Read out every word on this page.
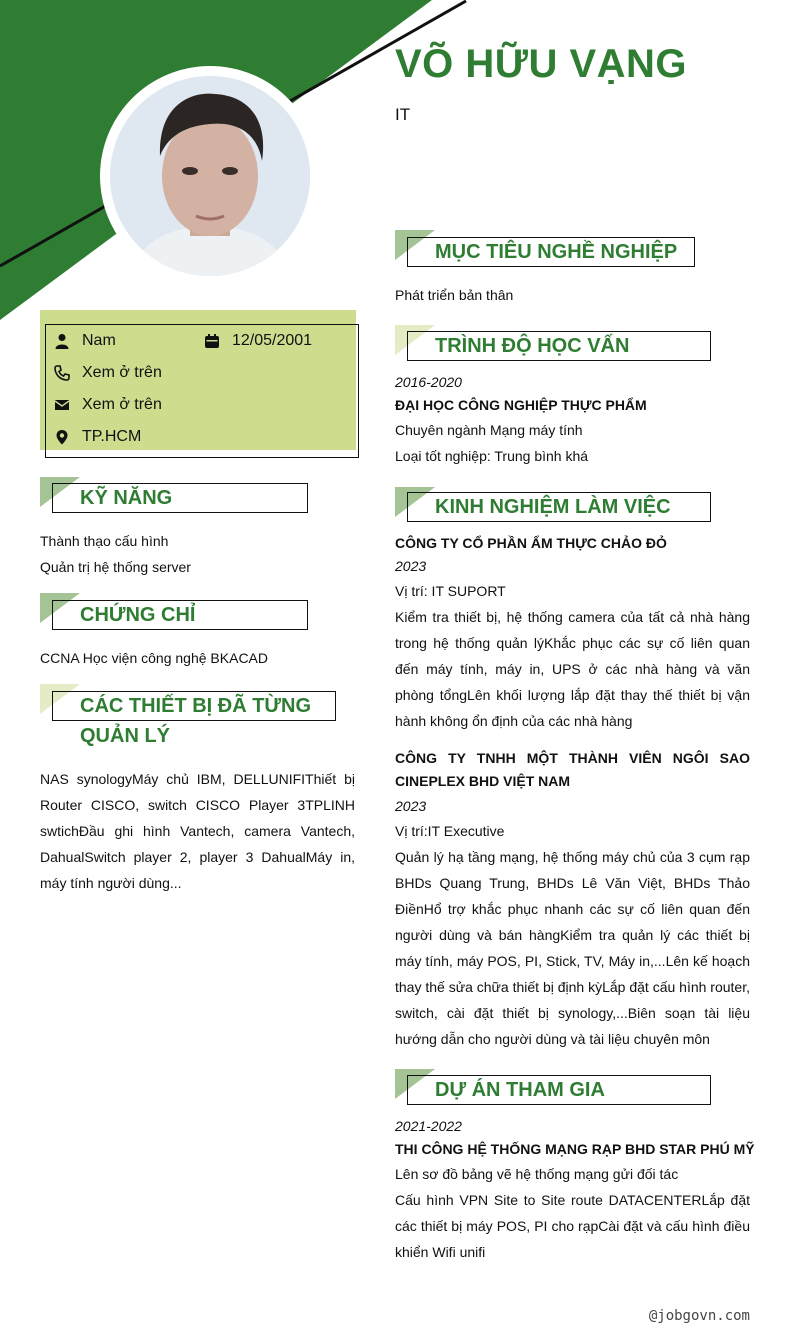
VÕ HỮU VẠNG
IT
Nam	12/05/2001
Xem ở trên
Xem ở trên
TP.HCM
KỸ NĂNG
Thành thạo cấu hình
Quản trị hệ thống server
CHỨNG CHỈ
CCNA Học viện công nghệ BKACAD
CÁC THIẾT BỊ ĐÃ TỪNG
QUẢN LÝ
NAS synologyMáy chủ IBM, DELLUNIFIThiết bị Router CISCO, switch CISCO Player 3TPLINH swtichĐầu ghi hình Vantech, camera Vantech, DahualSwitch player 2, player 3 DahualMáy in, máy tính người dùng...
MỤC TIÊU NGHỀ NGHIỆP
Phát triển bản thân
TRÌNH ĐỘ HỌC VẤN
2016-2020
ĐẠI HỌC CÔNG NGHIỆP THỰC PHẨM
Chuyên ngành Mạng máy tính
Loại tốt nghiệp: Trung bình khá
KINH NGHIỆM LÀM VIỆC
CÔNG TY CỔ PHẦN ẨM THỰC CHẢO ĐỎ
2023
Vị trí: IT SUPORT
Kiểm tra thiết bị, hệ thống camera của tất cả nhà hàng trong hệ thống quản lýKhắc phục các sự cố liên quan đến máy tính, máy in, UPS ở các nhà hàng và văn phòng tổngLên khối lượng lắp đặt thay thế thiết bị vận hành không ổn định của các nhà hàng
CÔNG TY TNHH MỘT THÀNH VIÊN NGÔI SAO CINEPLEX BHD VIỆT NAM
2023
Vị trí:IT Executive
Quản lý hạ tầng mạng, hệ thống máy chủ của 3 cụm rạp BHDs Quang Trung, BHDs Lê Văn Việt, BHDs Thảo ĐiềnHổ trợ khắc phục nhanh các sự cố liên quan đến người dùng và bán hàngKiểm tra quản lý các thiết bị máy tính, máy POS, PI, Stick, TV, Máy in,...Lên kế hoạch thay thế sửa chữa thiết bị định kỳLắp đặt cấu hình router, switch, cài đặt thiết bị synology,...Biên soạn tài liệu hướng dẫn cho người dùng và tài liệu chuyên môn
DỰ ÁN THAM GIA
2021-2022
THI CÔNG HỆ THỐNG MẠNG RẠP BHD STAR PHÚ MỸ
Lên sơ đồ bảng vẽ hệ thống mạng gửi đối tác
Cấu hình VPN Site to Site route DATACENTERLắp đặt các thiết bị máy POS, PI cho rạpCài đặt và cấu hình điều khiển Wifi unifi
@jobgovn.com
